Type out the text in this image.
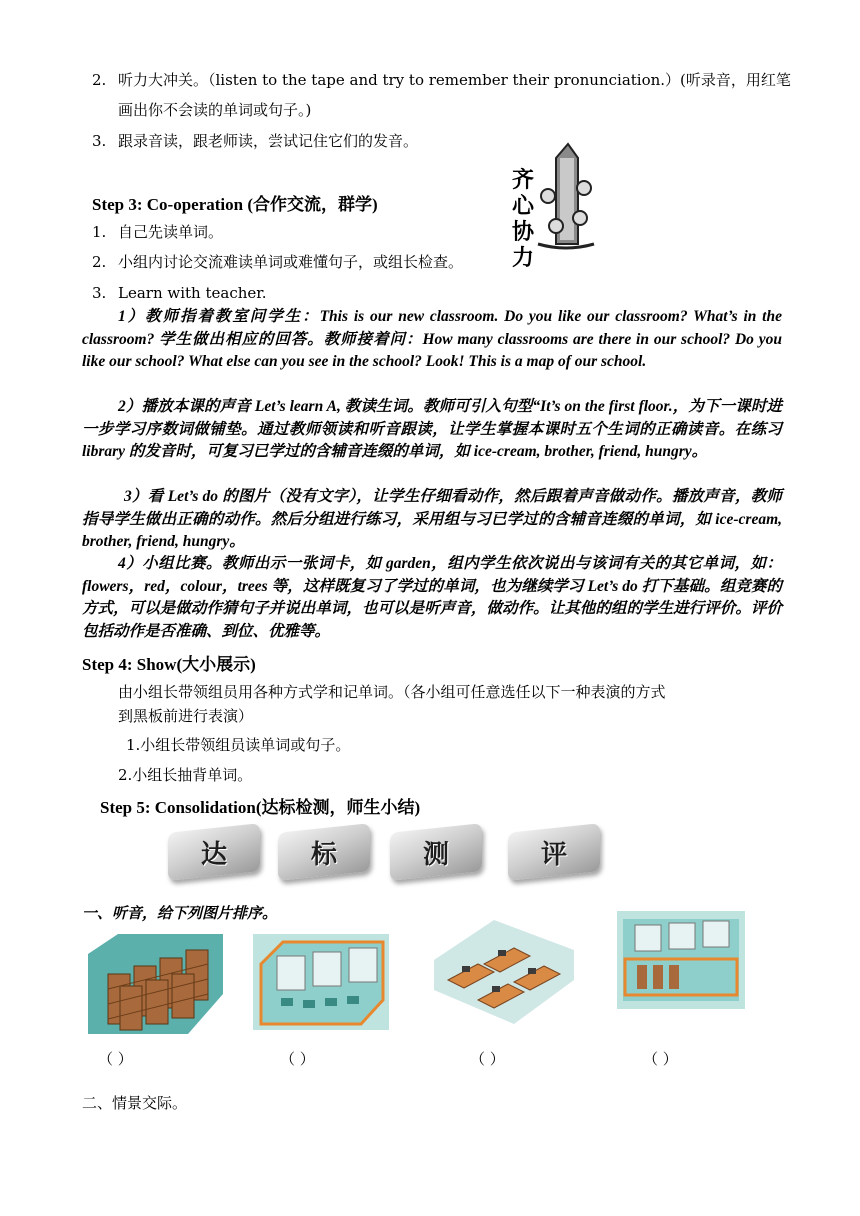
2. 听力大冲关。（listen to the tape and try to remember their pronunciation.）(听录音，用红笔
画出你不会读的单词或句子。)
3. 跟录音读，跟老师读，尝试记住它们的发音。
Step 3: Co-operation (合作交流，群学)
齐心协力
1. 自己先读单词。
2. 小组内讨论交流难读单词或难懂句子，或组长检查。
3. Learn with teacher.
1）教师指着教室问学生：This is our new classroom. Do you like our classroom? What’s in the classroom? 学生做出相应的回答。教师接着问：How many classrooms are there in our school? Do you like our school? What else can you see in the school? Look! This is a map of our school.
2）播放本课的声音 Let’s learn A, 教读生词。教师可引入句型“It’s on the first floor.，为下一课时进一步学习序数词做铺垫。通过教师领读和听音跟读，让学生掌握本课时五个生词的正确读音。在练习 library 的发音时，可复习已学过的含辅音连缀的单词，如 ice-cream, brother, friend, hungry。
3）看 Let’s do 的图片（没有文字），让学生仔细看动作，然后跟着声音做动作。播放声音，教师指导学生做出正确的动作。然后分组进行练习，采用组与习已学过的含辅音连缀的单词，如 ice-cream, brother, friend, hungry。
4）小组比赛。教师出示一张词卡，如 garden，组内学生依次说出与该词有关的其它单词，如：flowers，red，colour，trees 等，这样既复习了学过的单词，也为继续学习 Let’s do 打下基础。组竞赛的方式，可以是做动作猜句子并说出单词，也可以是听声音，做动作。让其他的组的学生进行评价。评价包括动作是否准确、到位、优雅等。
Step 4: Show(大小展示)
由小组长带领组员用各种方式学和记单词。（各小组可任意选任以下一种表演的方式
到黑板前进行表演）
1.小组长带领组员读单词或句子。
2.小组长抽背单词。
Step 5: Consolidation(达标检测，师生小结)
达	标	测	评
一、听音，给下列图片排序。
（ ）	（ ）	（ ）	（ ）
二、情景交际。
